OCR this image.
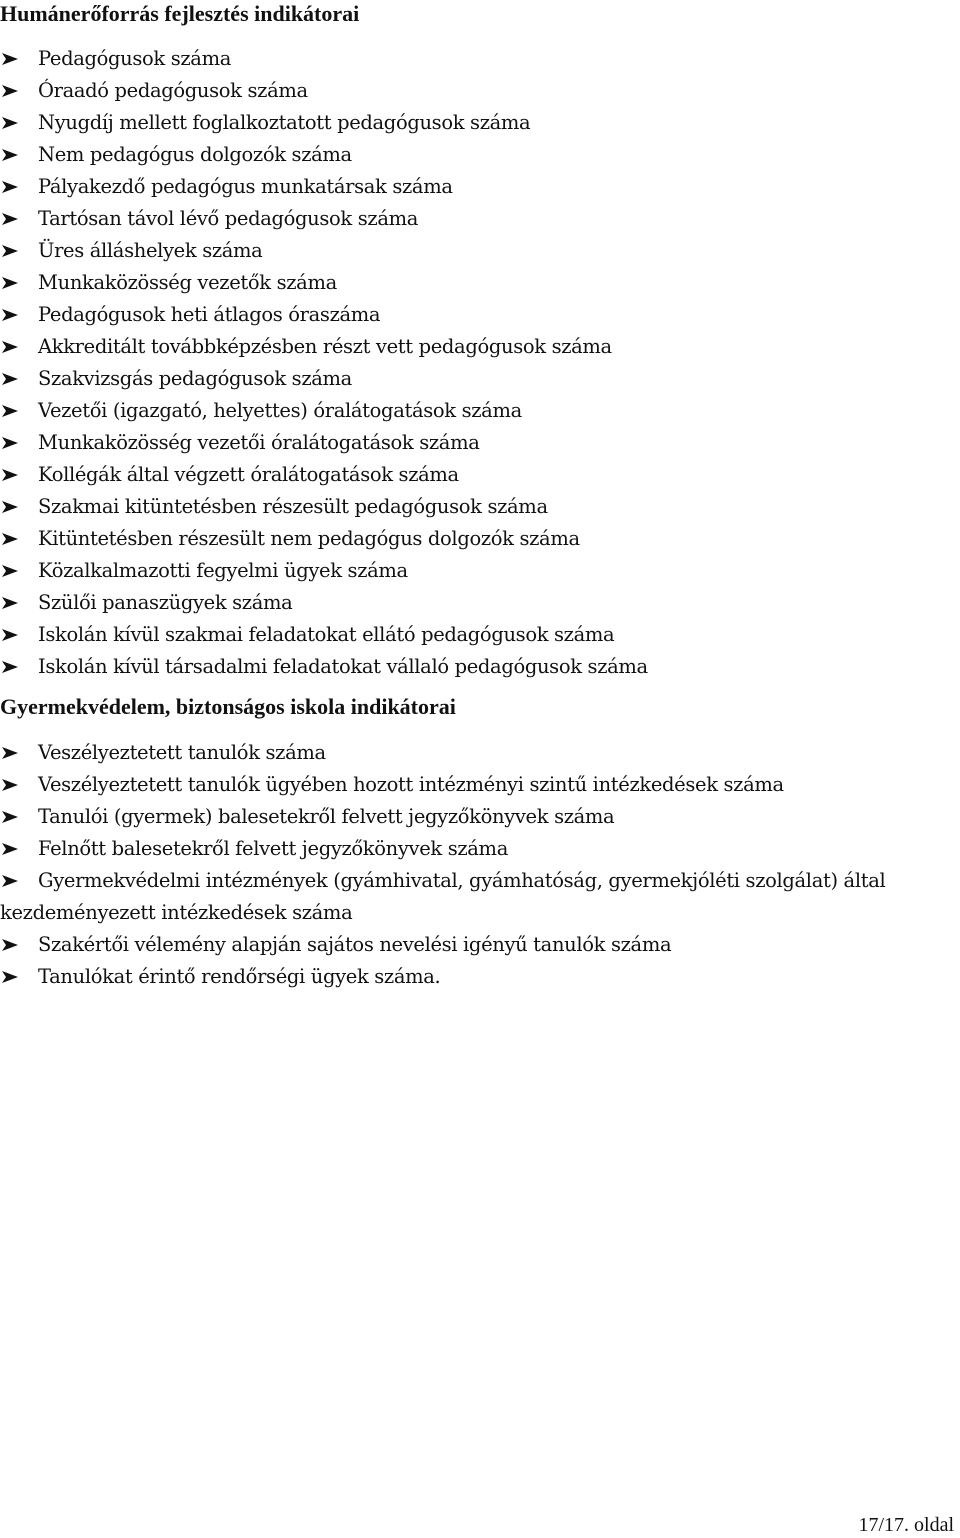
Humánerőforrás fejlesztés indikátorai
Pedagógusok száma
Óraadó pedagógusok száma
Nyugdíj mellett foglalkoztatott pedagógusok száma
Nem pedagógus dolgozók száma
Pályakezdő pedagógus munkatársak száma
Tartósan távol lévő pedagógusok száma
Üres álláshelyek száma
Munkaközösség vezetők száma
Pedagógusok heti átlagos óraszáma
Akkreditált továbbképzésben részt vett pedagógusok száma
Szakvizsgás pedagógusok száma
Vezetői (igazgató, helyettes) óralátogatások száma
Munkaközösség vezetői óralátogatások száma
Kollégák által végzett óralátogatások száma
Szakmai kitüntetésben részesült pedagógusok száma
Kitüntetésben részesült nem pedagógus dolgozók száma
Közalkalmazotti fegyelmi ügyek száma
Szülői panaszügyek száma
Iskolán kívül szakmai feladatokat ellátó pedagógusok száma
Iskolán kívül társadalmi feladatokat vállaló pedagógusok száma
Gyermekvédelem, biztonságos iskola indikátorai
Veszélyeztetett tanulók száma
Veszélyeztetett tanulók ügyében hozott intézményi szintű intézkedések száma
Tanulói (gyermek) balesetekről felvett jegyzőkönyvek száma
Felnőtt balesetekről felvett jegyzőkönyvek száma
Gyermekvédelmi intézmények (gyámhivatal, gyámhatóság, gyermekjóléti szolgálat) által kezdeményezett intézkedések száma
Szakértői vélemény alapján sajátos nevelési igényű tanulók száma
Tanulókat érintő rendőrségi ügyek száma.
17/17. oldal
